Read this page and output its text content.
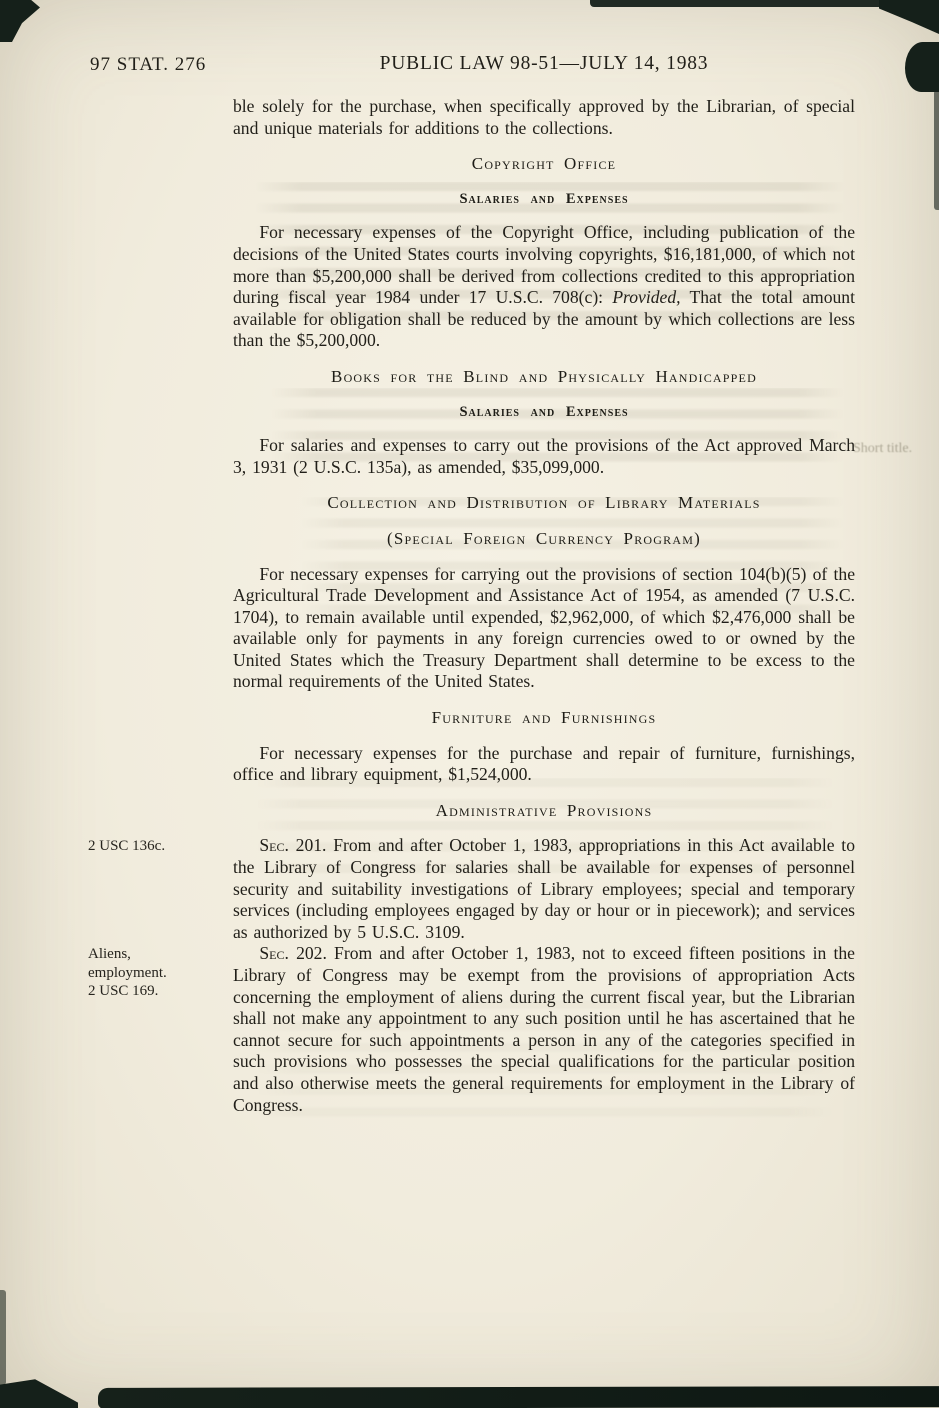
Short title.
97 STAT. 276	PUBLIC LAW 98-51—JULY 14, 1983

ble solely for the purchase, when specifically approved by the Librarian, of special and unique materials for additions to the collections.

Copyright Office
Salaries and Expenses

For necessary expenses of the Copyright Office, including publication of the decisions of the United States courts involving copyrights, $16,181,000, of which not more than $5,200,000 shall be derived from collections credited to this appropriation during fiscal year 1984 under 17 U.S.C. 708(c): Provided, That the total amount available for obligation shall be reduced by the amount by which collections are less than the $5,200,000.

Books for the Blind and Physically Handicapped
Salaries and Expenses

For salaries and expenses to carry out the provisions of the Act approved March 3, 1931 (2 U.S.C. 135a), as amended, $35,099,000.

Collection and Distribution of Library Materials
(Special Foreign Currency Program)

For necessary expenses for carrying out the provisions of section 104(b)(5) of the Agricultural Trade Development and Assistance Act of 1954, as amended (7 U.S.C. 1704), to remain available until expended, $2,962,000, of which $2,476,000 shall be available only for payments in any foreign currencies owed to or owned by the United States which the Treasury Department shall determine to be excess to the normal requirements of the United States.

Furniture and Furnishings

For necessary expenses for the purchase and repair of furniture, furnishings, office and library equipment, $1,524,000.

Administrative Provisions

Sec. 201. From and after October 1, 1983, appropriations in this Act available to the Library of Congress for salaries shall be available for expenses of personnel security and suitability investigations of Library employees; special and temporary services (including employees engaged by day or hour or in piecework); and services as authorized by 5 U.S.C. 3109.

Sec. 202. From and after October 1, 1983, not to exceed fifteen positions in the Library of Congress may be exempt from the provisions of appropriation Acts concerning the employment of aliens during the current fiscal year, but the Librarian shall not make any appointment to any such position until he has ascertained that he cannot secure for such appointments a person in any of the categories specified in such provisions who possesses the special qualifications for the particular position and also otherwise meets the general requirements for employment in the Library of Congress.

2 USC 136c.
Aliens,
employment.
2 USC 169.
